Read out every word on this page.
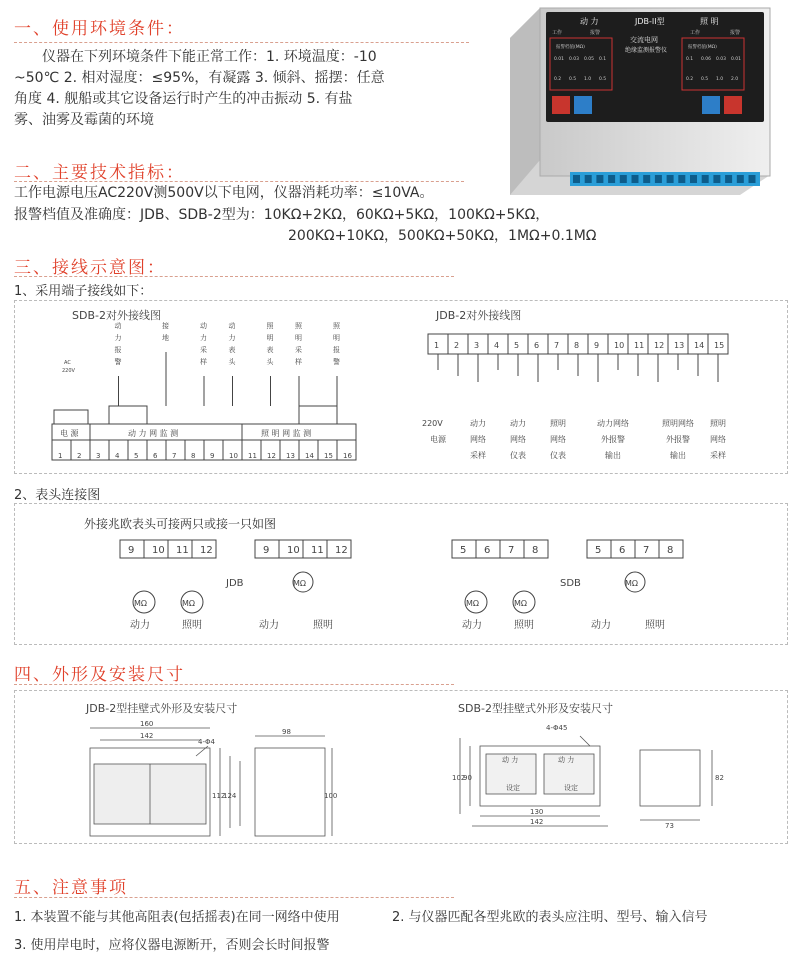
一、使用环境条件：
　　仪器在下列环境条件下能正常工作：1. 环境温度：-10
~50℃ 2. 相对湿度：≤95%，有凝露 3. 倾斜、摇摆：任意
角度 4. 舰船或其它设备运行时产生的冲击振动 5. 有盐
雾、油雾及霉菌的环境
动 力	JDB-II型	照 明
交流电网
绝缘监测报警仪
工作	报警	工作	报警
报警档值(MΩ)	报警档值(MΩ)
0.01 0.03 0.05 0.1	0.1 0.06 0.03 0.01
0.2 0.5 1.0 0.5	0.2 0.5 1.0 2.0
二、主要技术指标：
工作电源电压AC220V测500V以下电网，仪器消耗功率：≤10VA。
报警档值及准确度：JDB、SDB-2型为：10KΩ+2KΩ，60KΩ+5KΩ，100KΩ+5KΩ，
200KΩ+10KΩ，500KΩ+50KΩ，1MΩ+0.1MΩ
三、接线示意图：
1、采用端子接线如下：
SDB-2对外接线图
1 2 3 4 5 6 7 8 9 10 11 12 13 14 15 16
电 源	动 力 网 监 测	照 明 网 监 测
AC
220V
动
力
报
警
接
地
动
力
采
样
动
力
表
头
照
明
表
头
照
明
采
样
照
明
报
警
JDB-2对外接线图
1 2 3 4 5 6 7 8 9 10 11 12 13 14 15
220V
电源
动力
网络
采样
动力
网络
仪表
照明
网络
仪表
动力网络
外报警
输出
照明网络
外报警
输出
照明
网络
采样
2、表头连接图
外接兆欧表头可接两只或接一只如图
9 10 11 12
MΩ	MΩ
动力	照明
9 10 11 12
MΩ
动力	照明
5 6 7 8
MΩ	MΩ
动力	照明
5 6 7 8
MΩ
动力	照明
JDB	SDB
四、外形及安装尺寸
JDB-2型挂壁式外形及安装尺寸	SDB-2型挂壁式外形及安装尺寸
160
142
4-Φ4
98
112
124	100
4-Φ45
102
90
130
142
82
73
动 力	动 力
设定	设定
五、注意事项
1. 本装置不能与其他高阻表(包括摇表)在同一网络中使用	2. 与仪器匹配各型兆欧的表头应注明、型号、输入信号
3. 使用岸电时，应将仪器电源断开，否则会长时间报警
